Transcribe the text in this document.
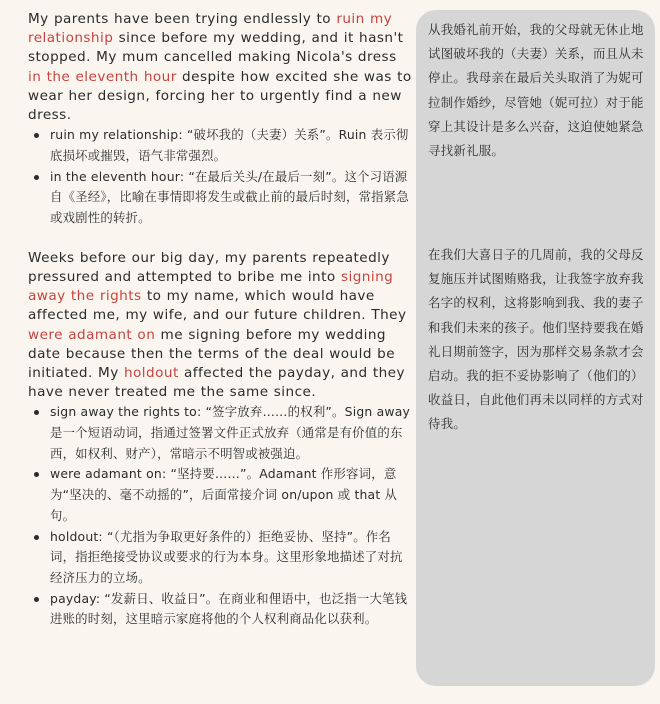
My parents have been trying endlessly to ruin my relationship since before my wedding, and it hasn't stopped. My mum cancelled making Nicola's dress in the eleventh hour despite how excited she was to wear her design, forcing her to urgently find a new dress.

ruin my relationship: “破坏我的（夫妻）关系”。Ruin 表示彻底损坏或摧毁，语气非常强烈。
in the eleventh hour: “在最后关头/在最后一刻”。这个习语源自《圣经》，比喻在事情即将发生或截止前的最后时刻，常指紧急或戏剧性的转折。

Weeks before our big day, my parents repeatedly pressured and attempted to bribe me into signing away the rights to my name, which would have affected me, my wife, and our future children. They were adamant on me signing before my wedding date because then the terms of the deal would be initiated. My holdout affected the payday, and they have never treated me the same since.

sign away the rights to: “签字放弃……的权利”。Sign away 是一个短语动词，指通过签署文件正式放弃（通常是有价值的东西，如权利、财产），常暗示不明智或被强迫。
were adamant on: “坚持要……”。Adamant 作形容词，意为“坚决的、毫不动摇的”，后面常接介词 on/upon 或 that 从句。
holdout: “（尤指为争取更好条件的）拒绝妥协、坚持”。作名词，指拒绝接受协议或要求的行为本身。这里形象地描述了对抗经济压力的立场。
payday: “发薪日、收益日”。在商业和俚语中，也泛指一大笔钱进账的时刻，这里暗示家庭将他的个人权利商品化以获利。

从我婚礼前开始，我的父母就无休止地试图破坏我的（夫妻）关系，而且从未停止。我母亲在最后关头取消了为妮可拉制作婚纱，尽管她（妮可拉）对于能穿上其设计是多么兴奋，这迫使她紧急寻找新礼服。

在我们大喜日子的几周前，我的父母反复施压并试图贿赂我，让我签字放弃我名字的权利，这将影响到我、我的妻子和我们未来的孩子。他们坚持要我在婚礼日期前签字，因为那样交易条款才会启动。我的拒不妥协影响了（他们的）收益日，自此他们再未以同样的方式对待我。
